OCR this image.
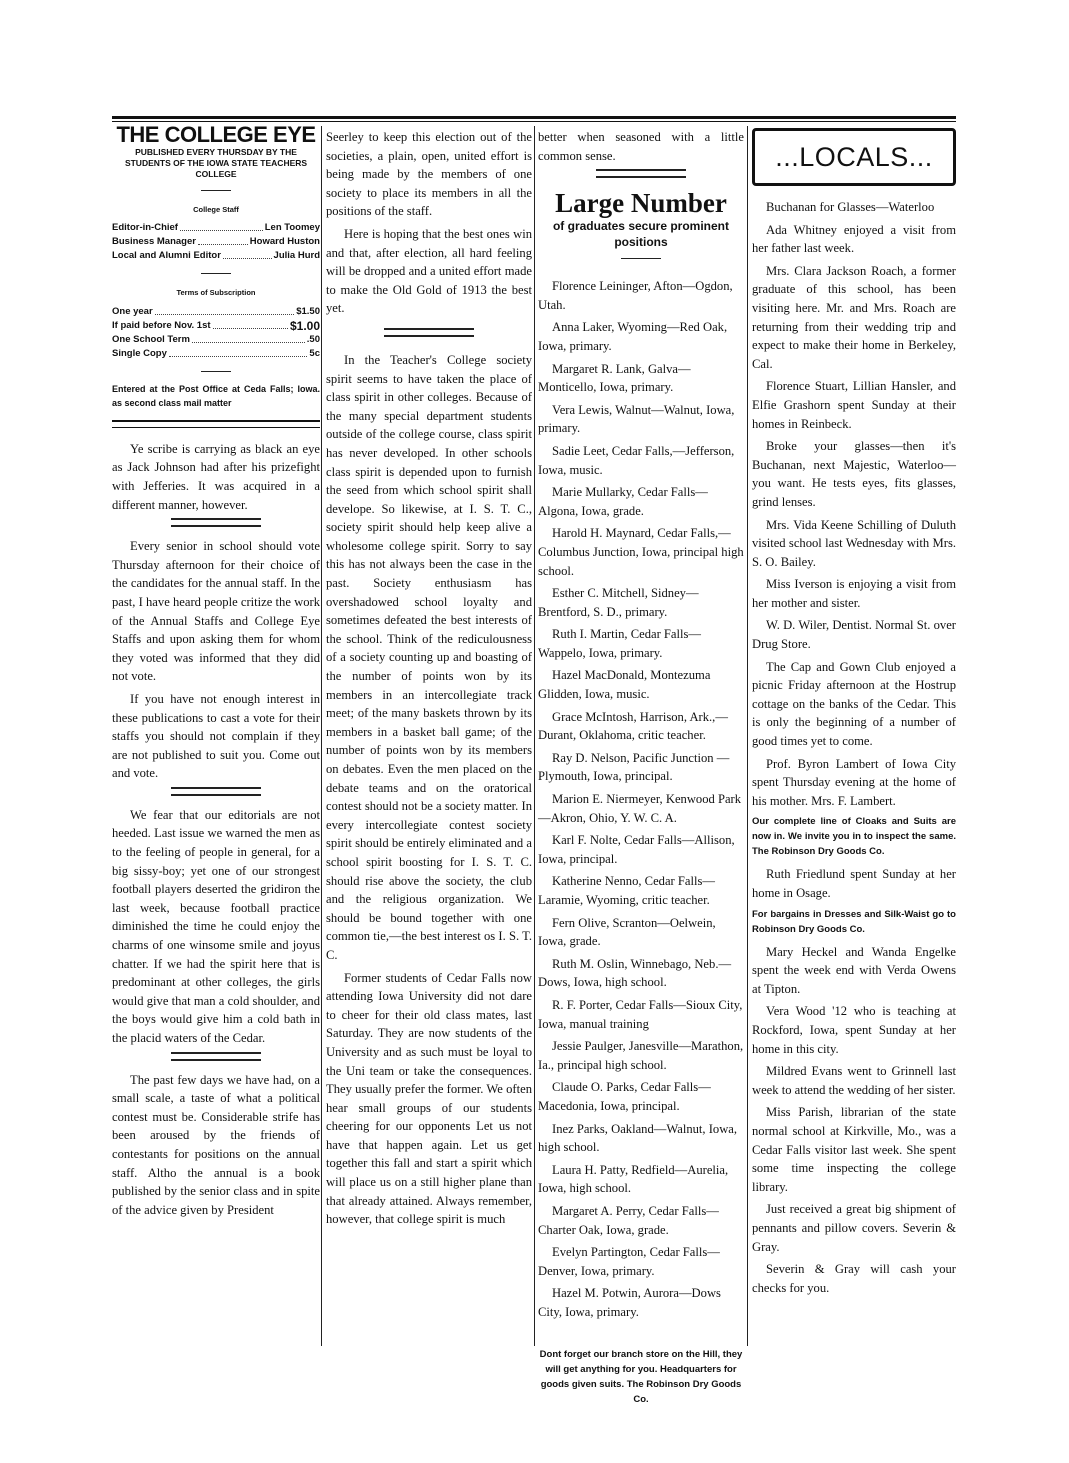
THE COLLEGE EYE
PUBLISHED EVERY THURSDAY BY THE STUDENTS OF THE IOWA STATE TEACHERS COLLEGE
College Staff
Editor-in-Chief	Len Toomey
Business Manager	Howard Huston
Local and Alumni Editor	Julia Hurd
Terms of Subscription
One year	$1.50
If paid before Nov. 1st	$1.00
One School Term	.50
Single Copy	5c
Entered at the Post Office at Ceda Falls; Iowa. as second class mail matter

Ye scribe is carrying as black an eye as Jack Johnson had after his prizefight with Jefferies. It was acquired in a different manner, however.

Every senior in school should vote Thursday afternoon for their choice of the candidates for the annual staff. In the past, I have heard people critize the work of the Annual Staffs and College Eye Staffs and upon asking them for whom they voted was informed that they did not vote.

If you have not enough interest in these publications to cast a vote for their staffs you should not complain if they are not published to suit you. Come out and vote.

We fear that our editorials are not heeded. Last issue we warned the men as to the feeling of people in general, for a big sissy-boy; yet one of our strongest football players deserted the gridiron the last week, because football practice diminished the time he could enjoy the charms of one winsome smile and joyus chatter. If we had the spirit here that is predominant at other colleges, the girls would give that man a cold shoulder, and the boys would give him a cold bath in the placid waters of the Cedar.

The past few days we have had, on a small scale, a taste of what a political contest must be. Considerable strife has been aroused by the friends of contestants for positions on the annual staff. Altho the annual is a book published by the senior class and in spite of the advice given by President

Seerley to keep this election out of the societies, a plain, open, united effort is being made by the members of one society to place its members in all the positions of the staff.

Here is hoping that the best ones win and that, after election, all hard feeling will be dropped and a united effort made to make the Old Gold of 1913 the best yet.

In the Teacher's College society spirit seems to have taken the place of class spirit in other colleges. Because of the many special department students outside of the college course, class spirit has never developed. In other schools class spirit is depended upon to furnish the seed from which school spirit shall develope. So likewise, at I. S. T. C., society spirit should help keep alive a wholesome college spirit. Sorry to say this has not always been the case in the past. Society enthusiasm has overshadowed school loyalty and sometimes defeated the best interests of the school. Think of the rediculousness of a society counting up and boasting of the number of points won by its members in an intercollegiate track meet; of the many baskets thrown by its members in a basket ball game; of the number of points won by its members on debates. Even the men placed on the debate teams and on the oratorical contest should not be a society matter. In every intercollegiate contest society spirit should be entirely eliminated and a school spirit boosting for I. S. T. C. should rise above the society, the club and the religious organization. We should be bound together with one common tie,—the best interest os I. S. T. C.

Former students of Cedar Falls now attending Iowa University did not dare to cheer for their old class mates, last Saturday. They are now students of the University and as such must be loyal to the Uni team or take the consequences. They usually prefer the former. We often hear small groups of our students cheering for our opponents Let us not have that happen again. Let us get together this fall and start a spirit which will place us on a still higher plane than that already attained. Always remember, however, that college spirit is much

better when seasoned with a little common sense.

Large Number
of graduates secure prominent positions

Florence Leininger, Afton—Ogdon, Utah.

Anna Laker, Wyoming—Red Oak, Iowa, primary.

Margaret R. Lank, Galva—Monticello, Iowa, primary.

Vera Lewis, Walnut—Walnut, Iowa, primary.

Sadie Leet, Cedar Falls,—Jefferson, Iowa, music.

Marie Mullarky, Cedar Falls—Algona, Iowa, grade.

Harold H. Maynard, Cedar Falls,—Columbus Junction, Iowa, principal high school.

Esther C. Mitchell, Sidney—Brentford, S. D., primary.

Ruth I. Martin, Cedar Falls—Wappelo, Iowa, primary.

Hazel MacDonald, Montezuma Glidden, Iowa, music.

Grace McIntosh, Harrison, Ark.,—Durant, Oklahoma, critic teacher.

Ray D. Nelson, Pacific Junction —Plymouth, Iowa, principal.

Marion E. Niermeyer, Kenwood Park—Akron, Ohio, Y. W. C. A.

Karl F. Nolte, Cedar Falls—Allison, Iowa, principal.

Katherine Nenno, Cedar Falls—Laramie, Wyoming, critic teacher.

Fern Olive, Scranton—Oelwein, Iowa, grade.

Ruth M. Oslin, Winnebago, Neb.—Dows, Iowa, high school.

R. F. Porter, Cedar Falls—Sioux City, Iowa, manual training

Jessie Paulger, Janesville—Marathon, Ia., principal high school.

Claude O. Parks, Cedar Falls—Macedonia, Iowa, principal.

Inez Parks, Oakland—Walnut, Iowa, high school.

Laura H. Patty, Redfield—Aurelia, Iowa, high school.

Margaret A. Perry, Cedar Falls—Charter Oak, Iowa, grade.

Evelyn Partington, Cedar Falls—Denver, Iowa, primary.

Hazel M. Potwin, Aurora—Dows City, Iowa, primary.

Dont forget our branch store on the Hill, they will get anything for you. Headquarters for goods given suits. The Robinson Dry Goods Co.
...LOCALS...

Buchanan for Glasses—Waterloo

Ada Whitney enjoyed a visit from her father last week.

Mrs. Clara Jackson Roach, a former graduate of this school, has been visiting here. Mr. and Mrs. Roach are returning from their wedding trip and expect to make their home in Berkeley, Cal.

Florence Stuart, Lillian Hansler, and Elfie Grashorn spent Sunday at their homes in Reinbeck.

Broke your glasses—then it's Buchanan, next Majestic, Waterloo—you want. He tests eyes, fits glasses, grind lenses.

Mrs. Vida Keene Schilling of Duluth visited school last Wednesday with Mrs. S. O. Bailey.

Miss Iverson is enjoying a visit from her mother and sister.

W. D. Wiler, Dentist. Normal St. over Drug Store.

The Cap and Gown Club enjoyed a picnic Friday afternoon at the Hostrup cottage on the banks of the Cedar. This is only the beginning of a number of good times yet to come.

Prof. Byron Lambert of Iowa City spent Thursday evening at the home of his mother. Mrs. F. Lambert.

Our complete line of Cloaks and Suits are now in. We invite you in to inspect the same. The Robinson Dry Goods Co.

Ruth Friedlund spent Sunday at her home in Osage.

For bargains in Dresses and Silk-Waist go to Robinson Dry Goods Co.

Mary Heckel and Wanda Engelke spent the week end with Verda Owens at Tipton.

Vera Wood '12 who is teaching at Rockford, Iowa, spent Sunday at her home in this city.

Mildred Evans went to Grinnell last week to attend the wedding of her sister.

Miss Parish, librarian of the state normal school at Kirkville, Mo., was a Cedar Falls visitor last week. She spent some time inspecting the college library.

Just received a great big shipment of pennants and pillow covers. Severin & Gray.

Severin & Gray will cash your checks for you.
